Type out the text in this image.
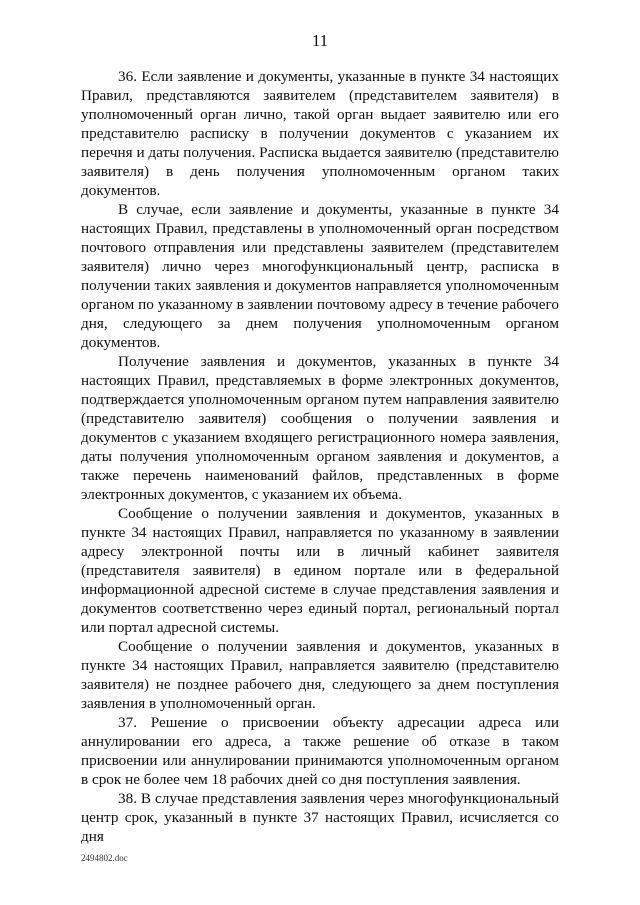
11

36. Если заявление и документы, указанные в пункте 34 настоящих Правил, представляются заявителем (представителем заявителя) в уполномоченный орган лично, такой орган выдает заявителю или его представителю расписку в получении документов с указанием их перечня и даты получения. Расписка выдается заявителю (представителю заявителя) в день получения уполномоченным органом таких документов.

В случае, если заявление и документы, указанные в пункте 34 настоящих Правил, представлены в уполномоченный орган посредством почтового отправления или представлены заявителем (представителем заявителя) лично через многофункциональный центр, расписка в получении таких заявления и документов направляется уполномоченным органом по указанному в заявлении почтовому адресу в течение рабочего дня, следующего за днем получения уполномоченным органом документов.

Получение заявления и документов, указанных в пункте 34 настоящих Правил, представляемых в форме электронных документов, подтверждается уполномоченным органом путем направления заявителю (представителю заявителя) сообщения о получении заявления и документов с указанием входящего регистрационного номера заявления, даты получения уполномоченным органом заявления и документов, а также перечень наименований файлов, представленных в форме электронных документов, с указанием их объема.

Сообщение о получении заявления и документов, указанных в пункте 34 настоящих Правил, направляется по указанному в заявлении адресу электронной почты или в личный кабинет заявителя (представителя заявителя) в едином портале или в федеральной информационной адресной системе в случае представления заявления и документов соответственно через единый портал, региональный портал или портал адресной системы.

Сообщение о получении заявления и документов, указанных в пункте 34 настоящих Правил, направляется заявителю (представителю заявителя) не позднее рабочего дня, следующего за днем поступления заявления в уполномоченный орган.

37. Решение о присвоении объекту адресации адреса или аннулировании его адреса, а также решение об отказе в таком присвоении или аннулировании принимаются уполномоченным органом в срок не более чем 18 рабочих дней со дня поступления заявления.

38. В случае представления заявления через многофункциональный центр срок, указанный в пункте 37 настоящих Правил, исчисляется со дня

2494802.doc
